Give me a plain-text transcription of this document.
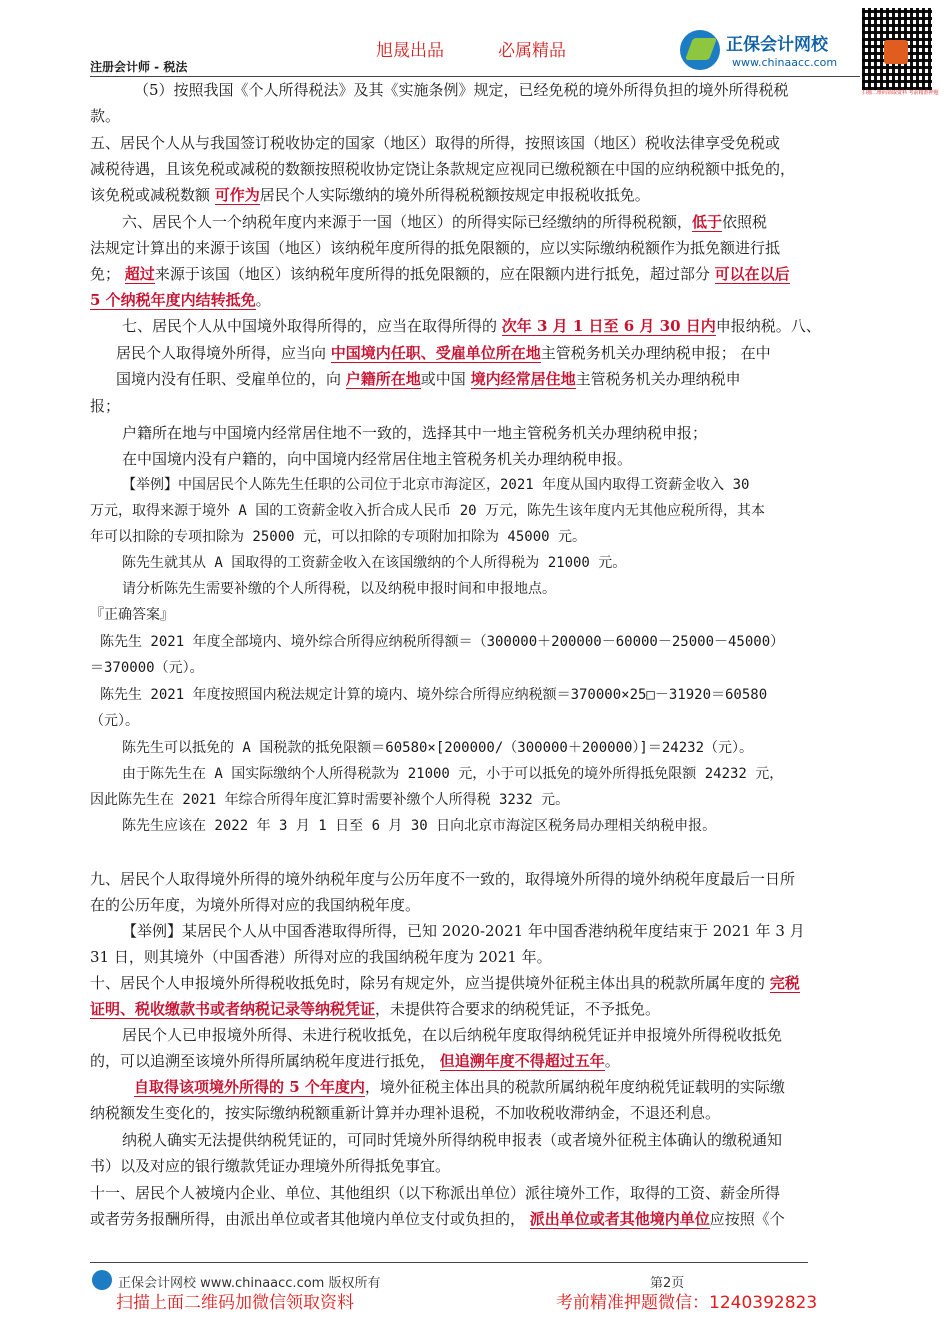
旭晟出品	必属精品
注册会计师 - 税法
正保会计网校
www.chinaacc.com
扫描二维码领取资料 考前精准押题
（5）按照我国《个人所得税法》及其《实施条例》规定，已经免税的境外所得负担的境外所得税税
款。
五、居民个人从与我国签订税收协定的国家（地区）取得的所得，按照该国（地区）税收法律享受免税或
减税待遇，且该免税或减税的数额按照税收协定饶让条款规定应视同已缴税额在中国的应纳税额中抵免的，
该免税或减税数额 可作为居民个人实际缴纳的境外所得税税额按规定申报税收抵免。
六、居民个人一个纳税年度内来源于一国（地区）的所得实际已经缴纳的所得税税额，低于依照税
法规定计算出的来源于该国（地区）该纳税年度所得的抵免限额的，应以实际缴纳税额作为抵免额进行抵
免； 超过来源于该国（地区）该纳税年度所得的抵免限额的，应在限额内进行抵免，超过部分 可以在以后
5 个纳税年度内结转抵免。
七、居民个人从中国境外取得所得的，应当在取得所得的 次年 3 月 1 日至 6 月 30 日内申报纳税。八、
居民个人取得境外所得，应当向 中国境内任职、受雇单位所在地主管税务机关办理纳税申报； 在中
国境内没有任职、受雇单位的，向 户籍所在地或中国 境内经常居住地主管税务机关办理纳税申
报；
户籍所在地与中国境内经常居住地不一致的，选择其中一地主管税务机关办理纳税申报；
在中国境内没有户籍的，向中国境内经常居住地主管税务机关办理纳税申报。
【举例】中国居民个人陈先生任职的公司位于北京市海淀区，2021 年度从国内取得工资薪金收入 30
万元，取得来源于境外 A 国的工资薪金收入折合成人民币 20 万元，陈先生该年度内无其他应税所得，其本
年可以扣除的专项扣除为 25000 元，可以扣除的专项附加扣除为 45000 元。
陈先生就其从 A 国取得的工资薪金收入在该国缴纳的个人所得税为 21000 元。
请分析陈先生需要补缴的个人所得税，以及纳税申报时间和申报地点。
『正确答案』
陈先生 2021 年度全部境内、境外综合所得应纳税所得额＝（300000＋200000－60000－25000－45000）
＝370000（元）。
陈先生 2021 年度按照国内税法规定计算的境内、境外综合所得应纳税额＝370000×25□－31920＝60580
（元）。
陈先生可以抵免的 A 国税款的抵免限额＝60580×[200000/（300000＋200000）]＝24232（元）。
由于陈先生在 A 国实际缴纳个人所得税款为 21000 元，小于可以抵免的境外所得抵免限额 24232 元，
因此陈先生在 2021 年综合所得年度汇算时需要补缴个人所得税 3232 元。
陈先生应该在 2022 年 3 月 1 日至 6 月 30 日向北京市海淀区税务局办理相关纳税申报。
九、居民个人取得境外所得的境外纳税年度与公历年度不一致的，取得境外所得的境外纳税年度最后一日所
在的公历年度，为境外所得对应的我国纳税年度。
【举例】某居民个人从中国香港取得所得，已知 2020-2021 年中国香港纳税年度结束于 2021 年 3 月
31 日，则其境外（中国香港）所得对应的我国纳税年度为 2021 年。
十、居民个人申报境外所得税收抵免时，除另有规定外，应当提供境外征税主体出具的税款所属年度的 完税
证明、税收缴款书或者纳税记录等纳税凭证，未提供符合要求的纳税凭证，不予抵免。
居民个人已申报境外所得、未进行税收抵免，在以后纳税年度取得纳税凭证并申报境外所得税收抵免
的，可以追溯至该境外所得所属纳税年度进行抵免， 但追溯年度不得超过五年。
自取得该项境外所得的 5 个年度内，境外征税主体出具的税款所属纳税年度纳税凭证载明的实际缴
纳税额发生变化的，按实际缴纳税额重新计算并办理补退税，不加收税收滞纳金，不退还利息。
纳税人确实无法提供纳税凭证的，可同时凭境外所得纳税申报表（或者境外征税主体确认的缴税通知
书）以及对应的银行缴款凭证办理境外所得抵免事宜。
十一、居民个人被境内企业、单位、其他组织（以下称派出单位）派往境外工作，取得的工资、薪金所得
或者劳务报酬所得，由派出单位或者其他境内单位支付或负担的， 派出单位或者其他境内单位应按照《个
正保会计网校 www.chinaacc.com 版权所有	第2页
扫描上面二维码加微信领取资料	考前精准押题微信：1240392823
